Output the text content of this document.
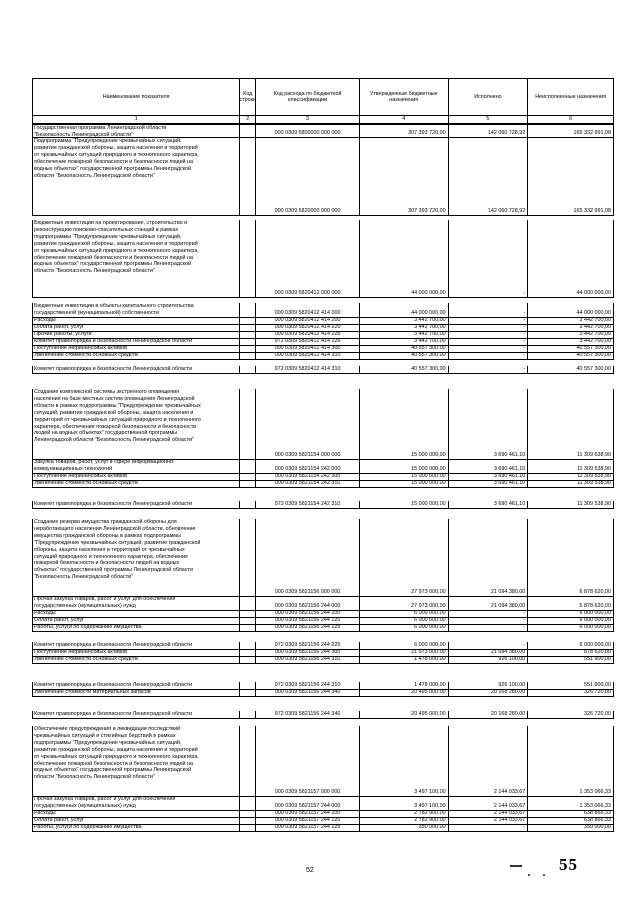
Наименование показателя	Код строки
Код расхода по бюджетной классификации
Утвержденные бюджетные назначения	Исполнено	Неисполненные назначения
1	2	3	4	5	6
Государственная программа Ленинградской области
"Безопасность Ленинградской области"	000 0309 5800000 000 000	307 393 720,00	142 060 728,92	165 332 991,08
Подпрограмма "Предупреждение чрезвычайных ситуаций,
развитие гражданской обороны, защита населения и территорий
от чрезвычайных ситуаций природного и техногенного характера,
обеспечение пожарной безопасности и безопасности людей на
водных объектах" государственной программы Ленинградской
области "Безопасность Ленинградской области"
000 0309 5820000 000 000	307 393 720,00	142 060 728,92	165 332 991,08
Бюджетные инвестиции на проектирование, строительство и
реконструкцию поисково-спасательных станций в рамках
подпрограммы "Предупреждение чрезвычайных ситуаций,
развитие гражданской обороны, защита населения и территорий
от чрезвычайных ситуаций природного и техногенного характера,
обеспечение пожарной безопасности и безопасности людей на
водных объектах" государственной программы Ленинградской
области "Безопасность Ленинградской области"
000 0309 5820412 000 000	44 000 000,00	-	44 000 000,00
Бюджетные инвестиции в объекты капитального строительства
государственной (муниципальной) собственности	000 0309 5820412 414 000	44 000 000,00	-	44 000 000,00
Расходы	000 0309 5820412 414 200	3 442 700,00	-	3 442 700,00
Оплата работ, услуг	000 0309 5820412 414 220	3 442 700,00	-	3 442 700,00
Прочие работы, услуги	000 0309 5820412 414 226	3 442 700,00	-	3 442 700,00
Комитет правопорядка и безопасности Ленинградской области	972 0309 5820412 414 226	3 442 700,00	-	3 442 700,00
Поступление нефинансовых активов	000 0309 5820412 414 300	40 557 300,00	-	40 557 300,00
Увеличение стоимости основных средств	000 0309 5820412 414 310	40 557 300,00	-	40 557 300,00
Комитет правопорядка и безопасности Ленинградской области	972 0309 5820412 414 310	40 557 300,00	-	40 557 300,00
Создание комплексной системы экстренного оповещения
населения на базе местных систем оповещения Ленинградской
области в рамках подпрограммы "Предупреждение чрезвычайных
ситуаций, развитие гражданской обороны, защита населения и
территорий от чрезвычайных ситуаций природного и техногенного
характера, обеспечение пожарной безопасности и безопасности
людей на водных объектах" государственной программы
Ленинградской области "Безопасность Ленинградской области"
000 0309 5821154 000 000	15 000 000,00	3 690 461,10	11 309 538,90
Закупка товаров, работ, услуг в сфере информационно-
коммуникационных технологий	000 0309 5821154 242 000	15 000 000,00	3 690 461,10	11 309 538,90
Поступление нефинансовых активов	000 0309 5821154 242 300	15 000 000,00	3 690 461,10	11 309 538,90
Увеличение стоимости основных средств	000 0309 5821154 242 310	15 000 000,00	3 690 461,10	11 309 538,90
Комитет правопорядка и безопасности Ленинградской области	972 0309 5821154 242 310	15 000 000,00	3 690 461,10	11 309 538,90
Создание резерва имущества гражданской обороны для
неработающего населения Ленинградской области, обновление
имущества гражданской обороны в рамках подпрограммы
"Предупреждение чрезвычайных ситуаций, развитие гражданской
обороны, защита населения и территорий от чрезвычайных
ситуаций природного и техногенного характера, обеспечение
пожарной безопасности и безопасности людей на водных
объектах" государственной программы Ленинградской области
"Безопасность Ленинградской области"
000 0309 5821156 000 000	27 973 000,00	21 094 380,00	6 878 620,00
Прочая закупка товаров, работ и услуг для обеспечения
государственных (муниципальных) нужд	000 0309 5821156 244 000	27 973 000,00	21 094 380,00	6 878 620,00
Расходы	000 0309 5821156 244 200	6 000 000,00	-	6 000 000,00
Оплата работ, услуг	000 0309 5821156 244 220	6 000 000,00	-	6 000 000,00
Работы, услуги по содержанию имущества	000 0309 5821156 244 225	6 000 000,00	-	6 000 000,00
Комитет правопорядка и безопасности Ленинградской области	972 0309 5821156 244 225	6 000 000,00	-	6 000 000,00
Поступление нефинансовых активов	000 0309 5821156 244 300	21 973 000,00	21 094 380,00	878 620,00
Увеличение стоимости основных средств	000 0309 5821156 244 310	1 478 000,00	926 100,00	551 900,00
Комитет правопорядка и безопасности Ленинградской области	972 0309 5821156 244 310	1 478 000,00	926 100,00	551 900,00
Увеличение стоимости материальных запасов	000 0309 5821156 244 340	20 495 000,00	20 168 280,00	326 720,00
Комитет правопорядка и безопасности Ленинградской области	972 0309 5821156 244 340	20 495 000,00	20 168 280,00	326 720,00
Обеспечение предупреждения и ликвидации последствий
чрезвычайных ситуаций и стихийных бедствий в рамках
подпрограммы "Предупреждение чрезвычайных ситуаций,
развитие гражданской обороны, защита населения и территорий
от чрезвычайных ситуаций природного и техногенного характера,
обеспечение пожарной безопасности и безопасности людей на
водных объектах" государственной программы Ленинградской
области "Безопасность Ленинградской области"
000 0309 5821157 000 000	3 497 100,00	2 144 033,67	1 353 066,33
Прочая закупка товаров, работ и услуг для обеспечения
государственных (муниципальных) нужд	000 0309 5821157 244 000	3 497 100,00	2 144 033,67	1 353 066,33
Расходы	000 0309 5821157 244 200	2 782 900,00	2 144 033,67	638 866,33
Оплата работ, услуг	000 0309 5821157 244 220	2 782 900,00	2 144 033,67	638 866,33
Работы, услуги по содержанию имущества	000 0309 5821157 244 225	350 000,00	-	350 000,00
52	55
